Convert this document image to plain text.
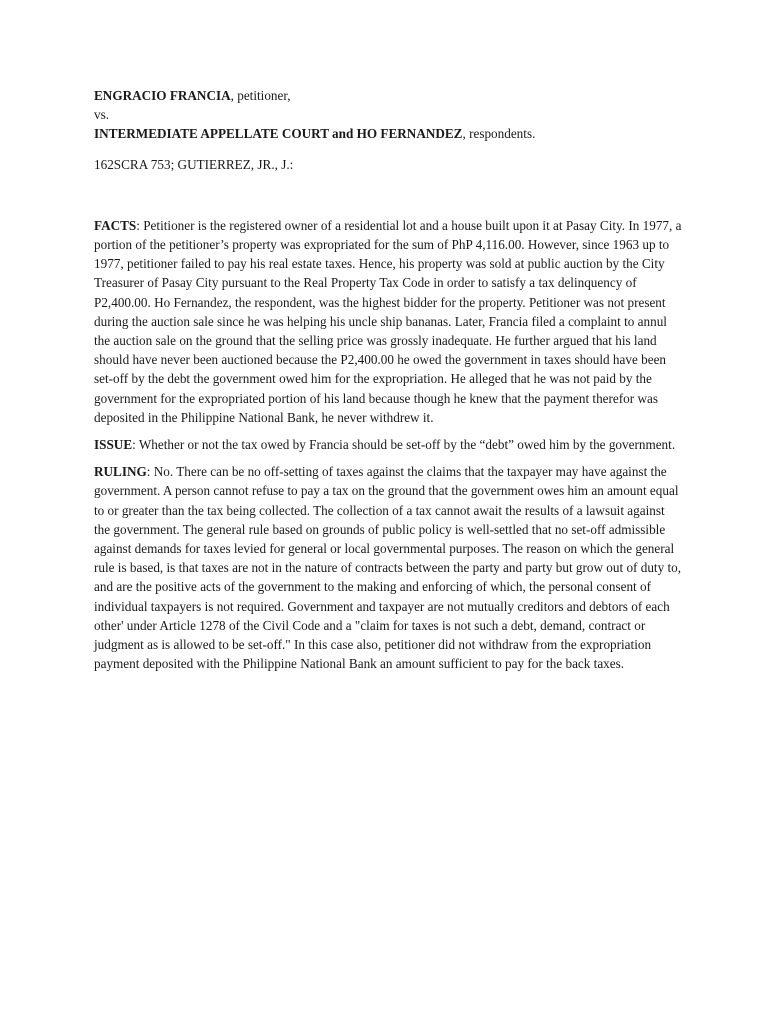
ENGRACIO FRANCIA, petitioner,

vs.

INTERMEDIATE APPELLATE COURT and HO FERNANDEZ, respondents.

162SCRA 753; GUTIERREZ, JR., J.:

FACTS: Petitioner is the registered owner of a residential lot and a house built upon it at Pasay City. In 1977, a portion of the petitioner’s property was expropriated for the sum of PhP 4,116.00. However, since 1963 up to 1977, petitioner failed to pay his real estate taxes. Hence, his property was sold at public auction by the City Treasurer of Pasay City pursuant to the Real Property Tax Code in order to satisfy a tax delinquency of P2,400.00. Ho Fernandez, the respondent, was the highest bidder for the property. Petitioner was not present during the auction sale since he was helping his uncle ship bananas. Later, Francia filed a complaint to annul the auction sale on the ground that the selling price was grossly inadequate. He further argued that his land should have never been auctioned because the P2,400.00 he owed the government in taxes should have been set-off by the debt the government owed him for the expropriation. He alleged that he was not paid by the government for the expropriated portion of his land because though he knew that the payment therefor was deposited in the Philippine National Bank, he never withdrew it.

ISSUE: Whether or not the tax owed by Francia should be set-off by the “debt” owed him by the government.

RULING: No. There can be no off-setting of taxes against the claims that the taxpayer may have against the government. A person cannot refuse to pay a tax on the ground that the government owes him an amount equal to or greater than the tax being collected. The collection of a tax cannot await the results of a lawsuit against the government. The general rule based on grounds of public policy is well-settled that no set-off admissible against demands for taxes levied for general or local governmental purposes. The reason on which the general rule is based, is that taxes are not in the nature of contracts between the party and party but grow out of duty to, and are the positive acts of the government to the making and enforcing of which, the personal consent of individual taxpayers is not required. Government and taxpayer are not mutually creditors and debtors of each other' under Article 1278 of the Civil Code and a "claim for taxes is not such a debt, demand, contract or judgment as is allowed to be set-off." In this case also, petitioner did not withdraw from the expropriation payment deposited with the Philippine National Bank an amount sufficient to pay for the back taxes.
